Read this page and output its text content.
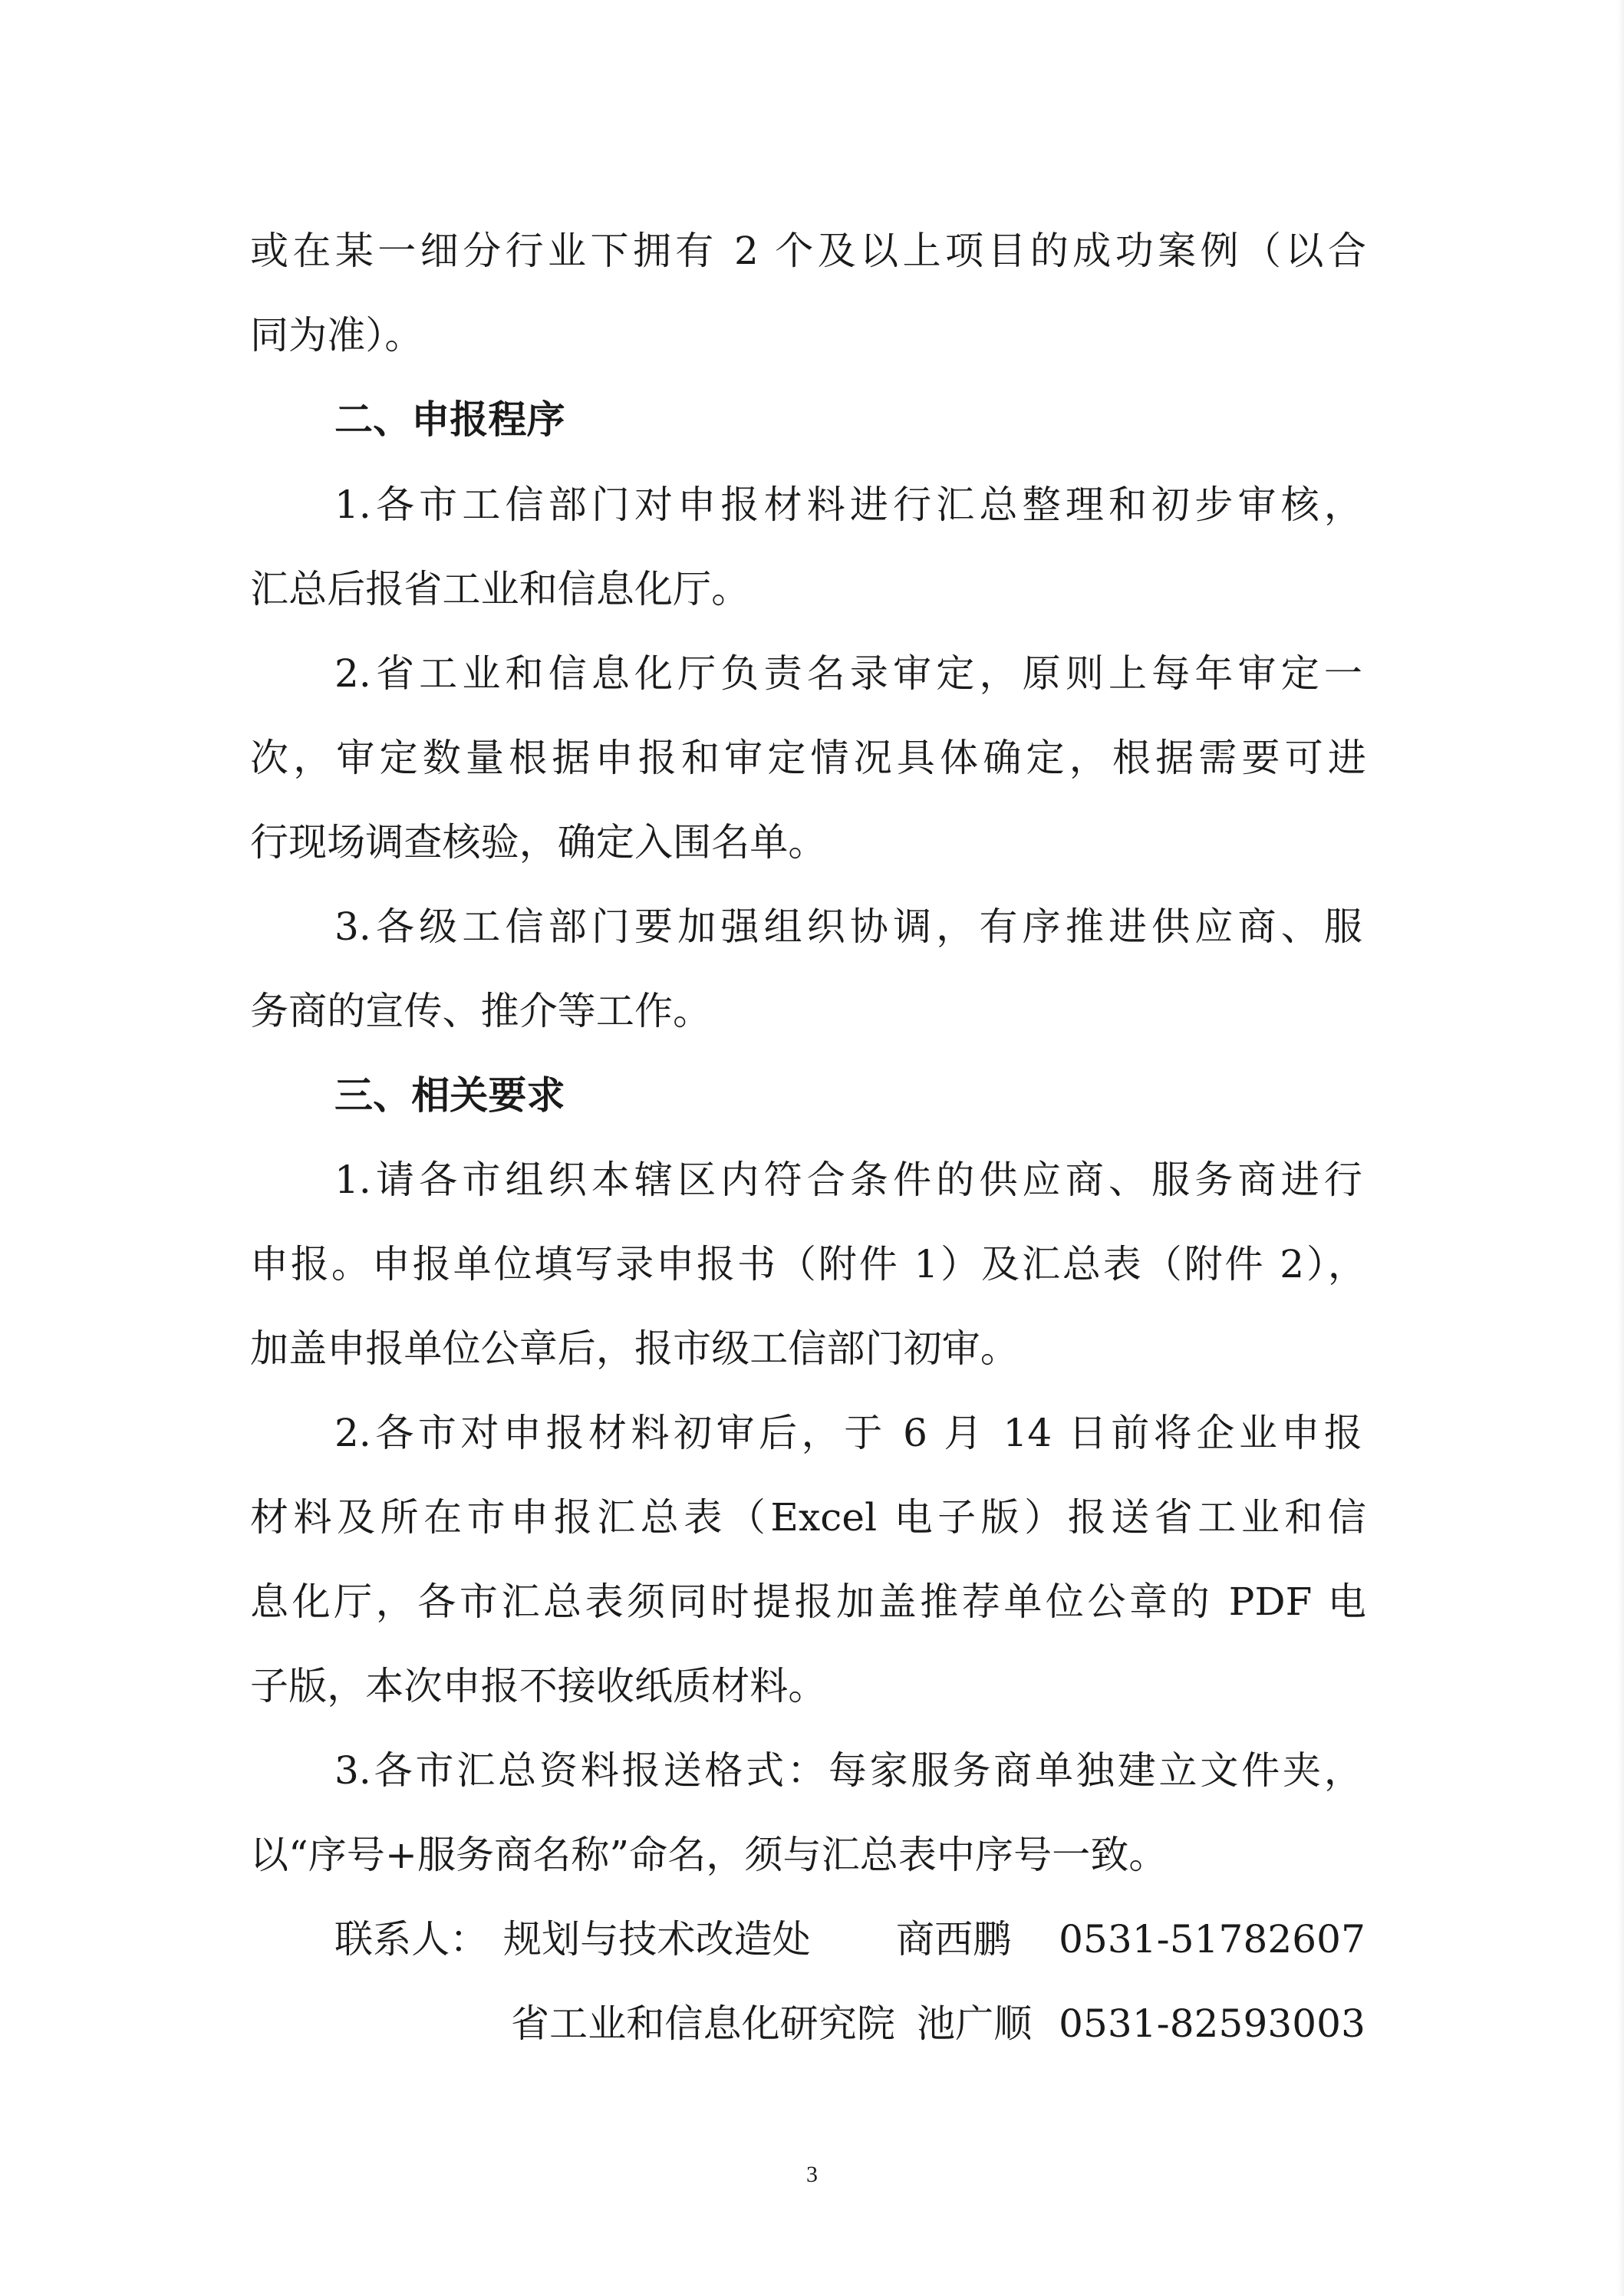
或在某一细分行业下拥有 2 个及以上项目的成功案例（以合
同为准）。
二、申报程序
1.各市工信部门对申报材料进行汇总整理和初步审核，
汇总后报省工业和信息化厅。
2.省工业和信息化厅负责名录审定，原则上每年审定一
次，审定数量根据申报和审定情况具体确定，根据需要可进
行现场调查核验，确定入围名单。
3.各级工信部门要加强组织协调，有序推进供应商、服
务商的宣传、推介等工作。
三、相关要求
1.请各市组织本辖区内符合条件的供应商、服务商进行
申报。申报单位填写录申报书（附件 1）及汇总表（附件 2），
加盖申报单位公章后，报市级工信部门初审。
2.各市对申报材料初审后，于 6 月 14 日前将企业申报
材料及所在市申报汇总表（Excel 电子版）报送省工业和信
息化厅，各市汇总表须同时提报加盖推荐单位公章的 PDF 电
子版，本次申报不接收纸质材料。
3.各市汇总资料报送格式：每家服务商单独建立文件夹，
以“序号+服务商名称”命名，须与汇总表中序号一致。
联系人： 规划与技术改造处 商西鹏 0531-51782607
省工业和信息化研究院 池广顺 0531-82593003
3
